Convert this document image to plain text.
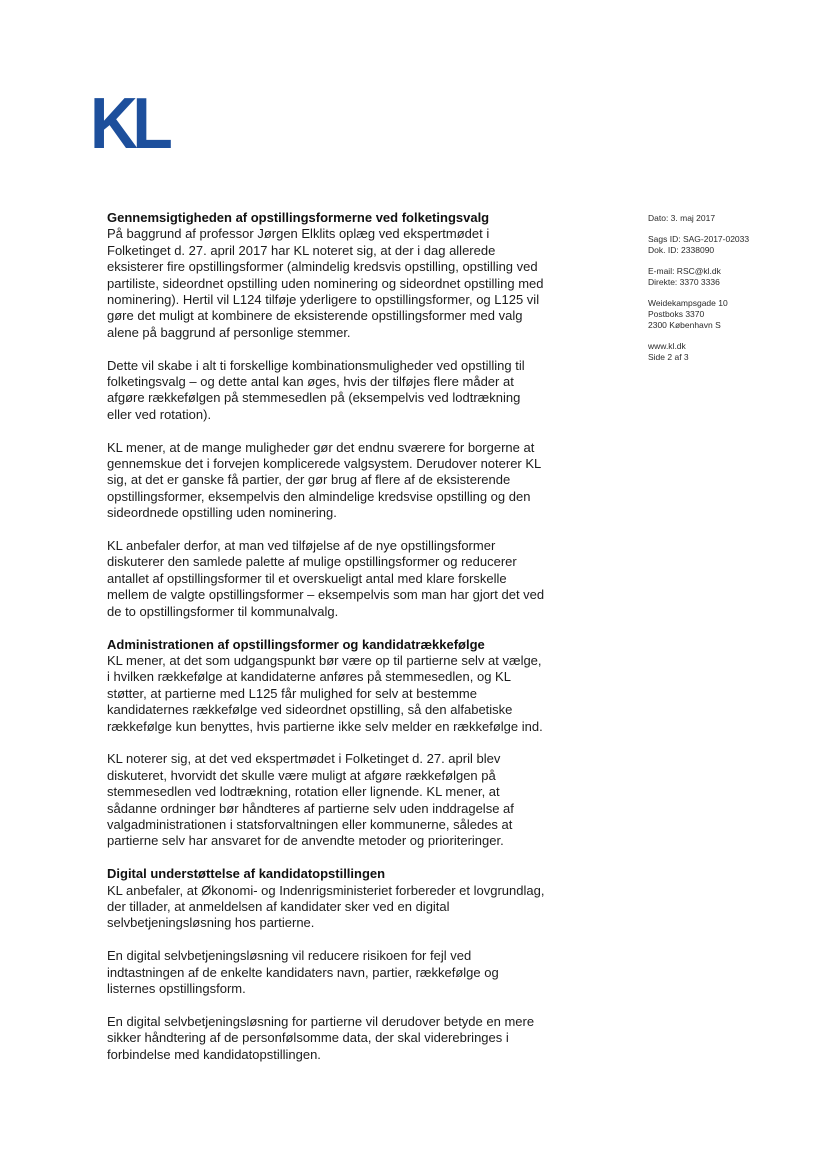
KL
Gennemsigtigheden af opstillingsformerne ved folketingsvalg

På baggrund af professor Jørgen Elklits oplæg ved ekspertmødet i Folketinget d. 27. april 2017 har KL noteret sig, at der i dag allerede eksisterer fire opstillingsformer (almindelig kredsvis opstilling, opstilling ved partiliste, sideordnet opstilling uden nominering og sideordnet opstilling med nominering). Hertil vil L124 tilføje yderligere to opstillingsformer, og L125 vil gøre det muligt at kombinere de eksisterende opstillingsformer med valg alene på baggrund af personlige stemmer.

Dette vil skabe i alt ti forskellige kombinationsmuligheder ved opstilling til folketingsvalg – og dette antal kan øges, hvis der tilføjes flere måder at afgøre rækkefølgen på stemmesedlen på (eksempelvis ved lodtrækning eller ved rotation).

KL mener, at de mange muligheder gør det endnu sværere for borgerne at gennemskue det i forvejen komplicerede valgsystem. Derudover noterer KL sig, at det er ganske få partier, der gør brug af flere af de eksisterende opstillingsformer, eksempelvis den almindelige kredsvise opstilling og den sideordnede opstilling uden nominering.

KL anbefaler derfor, at man ved tilføjelse af de nye opstillingsformer diskuterer den samlede palette af mulige opstillingsformer og reducerer antallet af opstillingsformer til et overskueligt antal med klare forskelle mellem de valgte opstillingsformer – eksempelvis som man har gjort det ved de to opstillingsformer til kommunalvalg.

Administrationen af opstillingsformer og kandidatrækkefølge

KL mener, at det som udgangspunkt bør være op til partierne selv at vælge, i hvilken rækkefølge at kandidaterne anføres på stemmesedlen, og KL støtter, at partierne med L125 får mulighed for selv at bestemme kandidaternes rækkefølge ved sideordnet opstilling, så den alfabetiske rækkefølge kun benyttes, hvis partierne ikke selv melder en rækkefølge ind.

KL noterer sig, at det ved ekspertmødet i Folketinget d. 27. april blev diskuteret, hvorvidt det skulle være muligt at afgøre rækkefølgen på stemmesedlen ved lodtrækning, rotation eller lignende. KL mener, at sådanne ordninger bør håndteres af partierne selv uden inddragelse af valgadministrationen i statsforvaltningen eller kommunerne, således at partierne selv har ansvaret for de anvendte metoder og prioriteringer.

Digital understøttelse af kandidatopstillingen

KL anbefaler, at Økonomi- og Indenrigsministeriet forbereder et lovgrundlag, der tillader, at anmeldelsen af kandidater sker ved en digital selvbetjeningsløsning hos partierne.

En digital selvbetjeningsløsning vil reducere risikoen for fejl ved indtastningen af de enkelte kandidaters navn, partier, rækkefølge og listernes opstillingsform.

En digital selvbetjeningsløsning for partierne vil derudover betyde en mere sikker håndtering af de personfølsomme data, der skal viderebringes i forbindelse med kandidatopstillingen.

Dato: 3. maj 2017
Sags ID: SAG-2017-02033
Dok. ID: 2338090
E-mail: RSC@kl.dk
Direkte: 3370 3336
Weidekampsgade 10
Postboks 3370
2300 København S
www.kl.dk
Side 2 af 3
